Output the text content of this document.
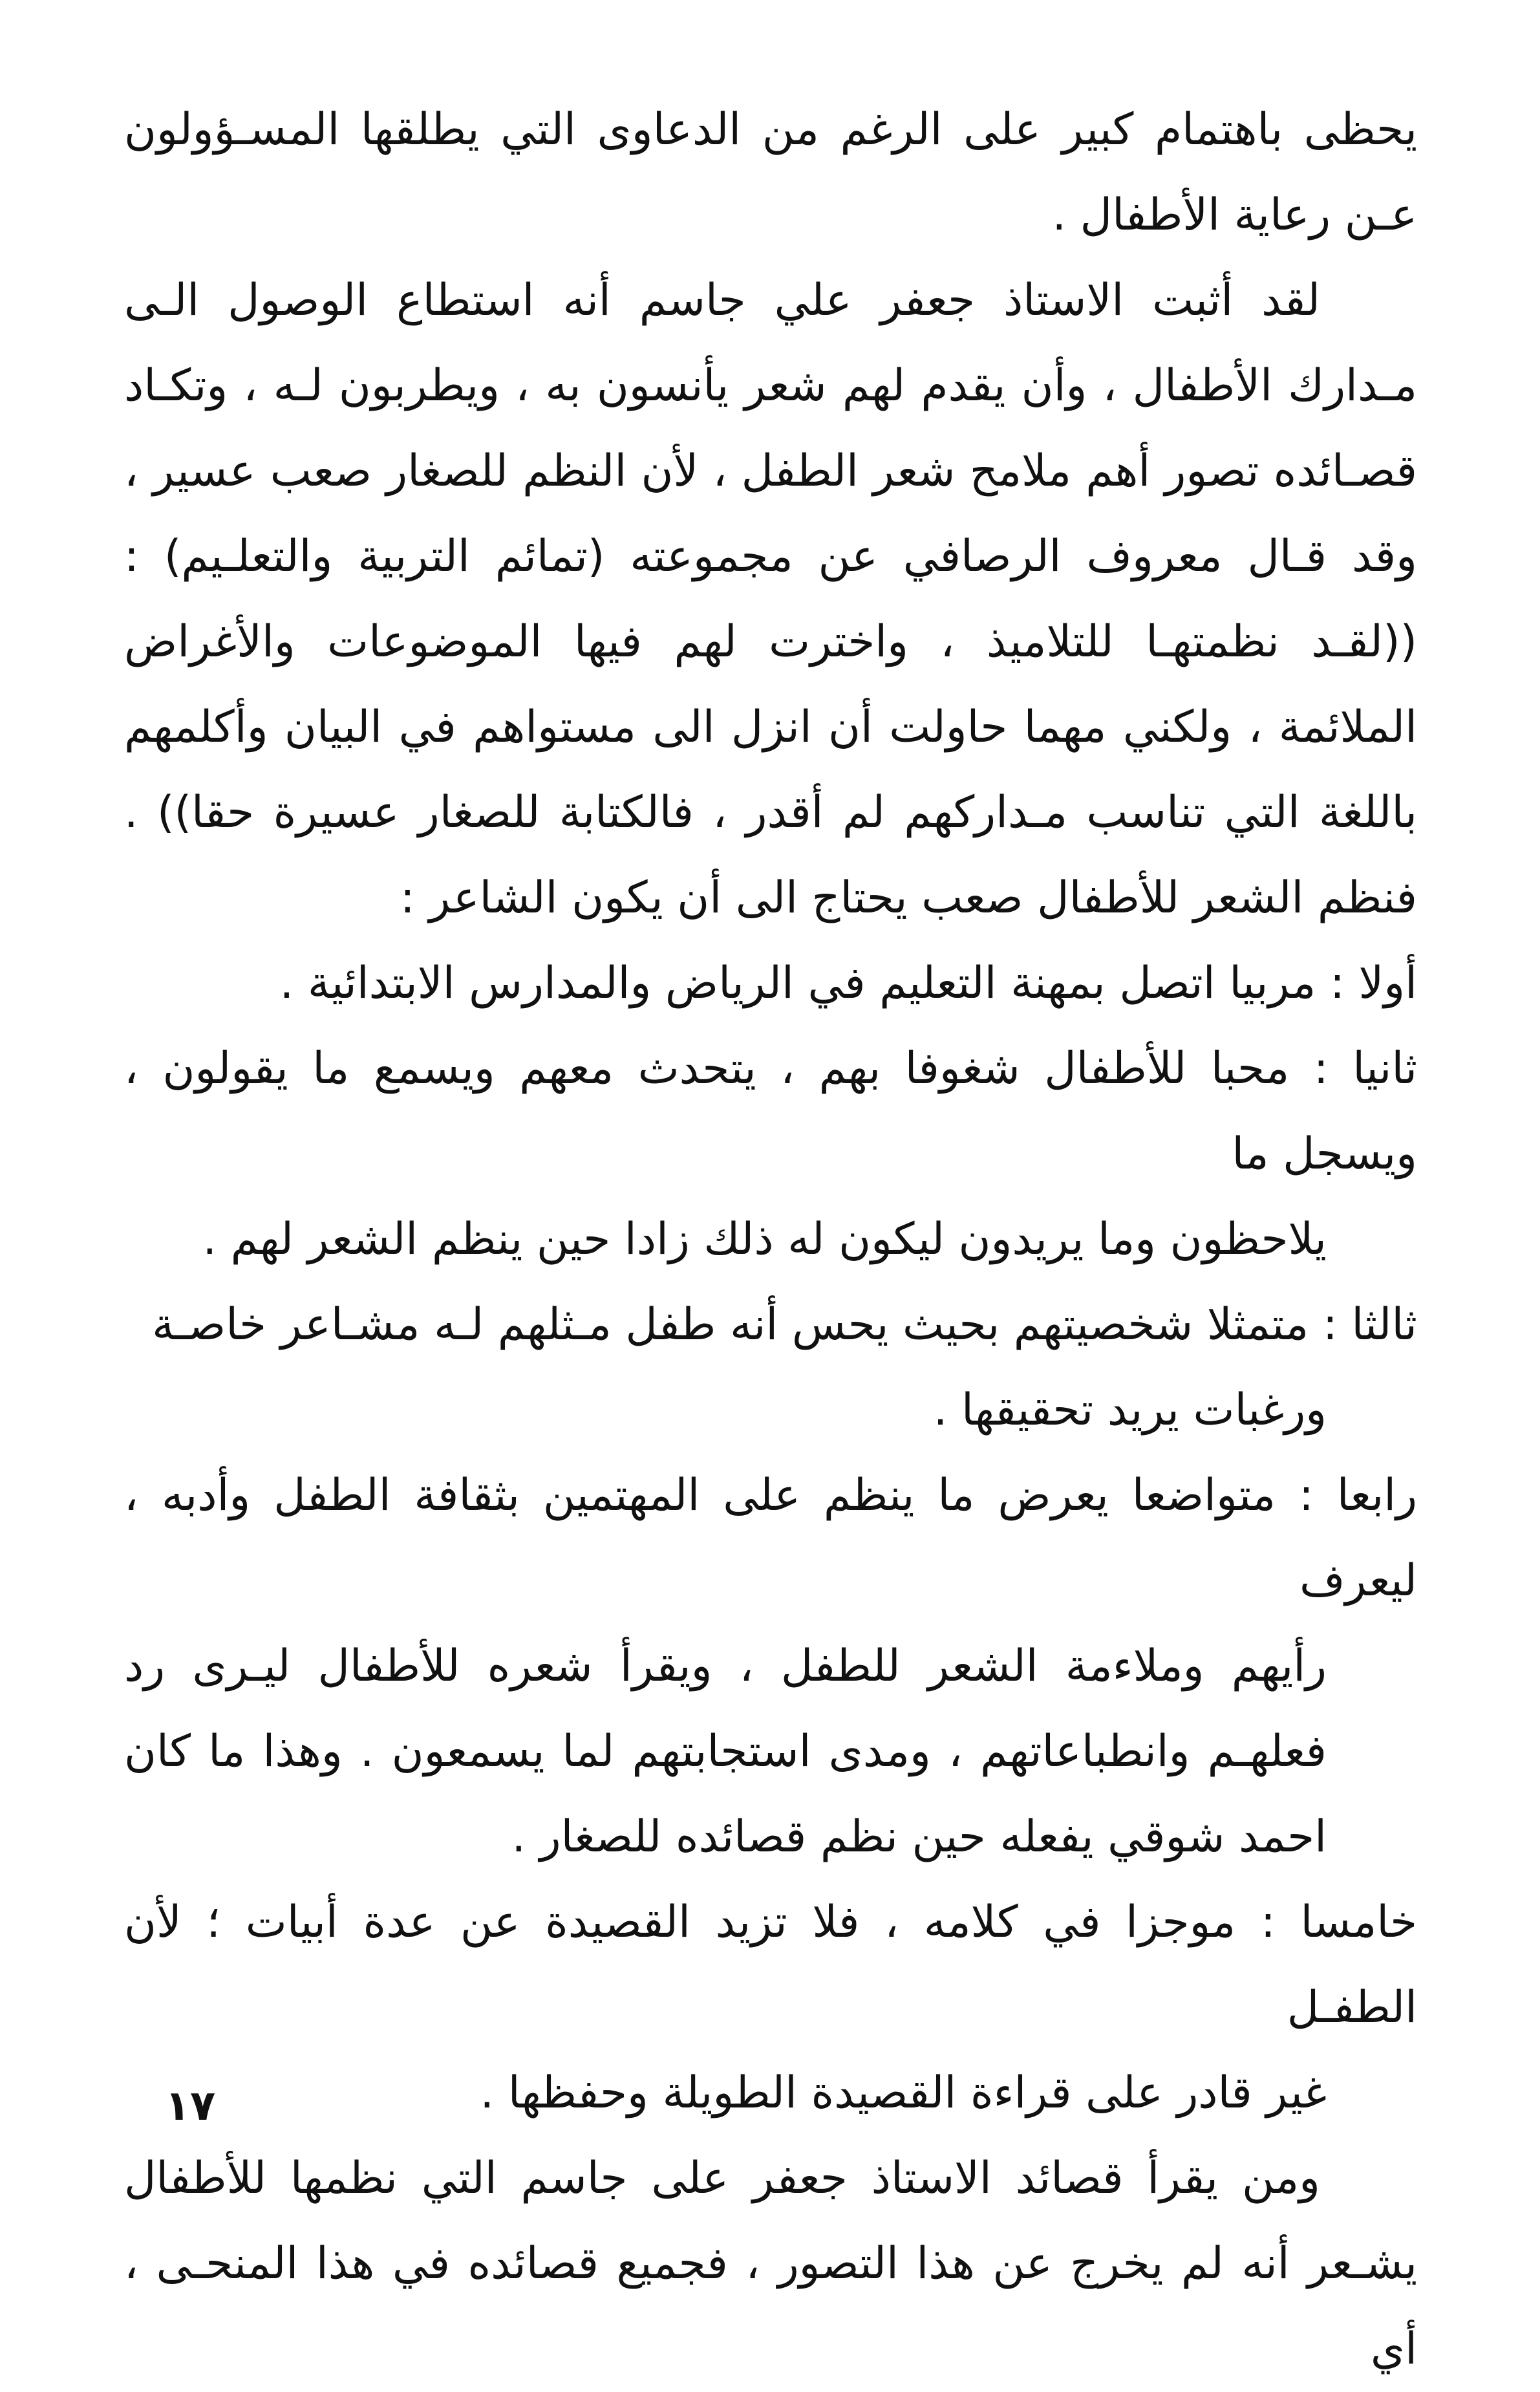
يحظى باهتمام كبير على الرغم من الدعاوى التي يطلقها المسـؤولون عـن رعاية الأطفال .

لقد أثبت الاستاذ جعفر علي جاسم أنه استطاع الوصول الـى مـدارك الأطفال ، وأن يقدم لهم شعر يأنسون به ، ويطربون لـه ، وتكـاد قصـائده تصور أهم ملامح شعر الطفل ، لأن النظم للصغار صعب عسير ، وقد قـال معروف الرصافي عن مجموعته (تمائم التربية والتعلـيم) : ((لقـد نظمتهـا للتلاميذ ، واخترت لهم فيها الموضوعات والأغراض الملائمة ، ولكني مهما حاولت أن انزل الى مستواهم في البيان وأكلمهم باللغة التي تناسب مـداركهم لم أقدر ، فالكتابة للصغار عسيرة حقا)) . فنظم الشعر للأطفال صعب يحتاج الى أن يكون الشاعر :

أولا : مربيا اتصل بمهنة التعليم في الرياض والمدارس الابتدائية .
ثانيا : محبا للأطفال شغوفا بهم ، يتحدث معهم ويسمع ما يقولون ، ويسجل ما
يلاحظون وما يريدون ليكون له ذلك زادا حين ينظم الشعر لهم .
ثالثا : متمثلا شخصيتهم بحيث يحس أنه طفل مـثلهم لـه مشـاعر خاصـة
ورغبات يريد تحقيقها .
رابعا : متواضعا يعرض ما ينظم على المهتمين بثقافة الطفل وأدبه ، ليعرف
رأيهم وملاءمة الشعر للطفل ، ويقرأ شعره للأطفال ليـرى رد فعلهـم وانطباعاتهم ، ومدى استجابتهم لما يسمعون . وهذا ما كان احمد شوقي يفعله حين نظم قصائده للصغار .
خامسا : موجزا في كلامه ، فلا تزيد القصيدة عن عدة أبيات ؛ لأن الطفـل
غير قادر على قراءة القصيدة الطويلة وحفظها .

ومن يقرأ قصائد الاستاذ جعفر على جاسم التي نظمها للأطفال يشـعر أنه لم يخرج عن هذا التصور ، فجميع قصائده في هذا المنحـى ، أي

١٧
